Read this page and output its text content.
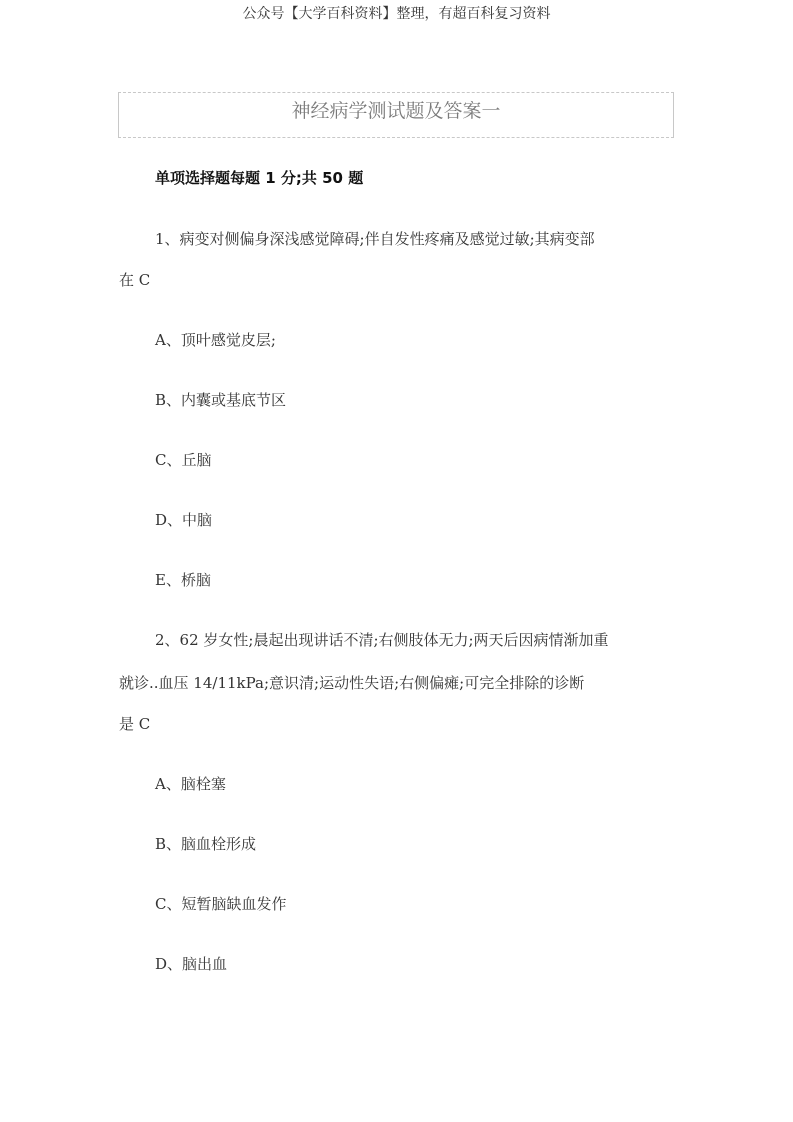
公众号【大学百科资料】整理，有超百科复习资料
神经病学测试题及答案一
单项选择题每题 1 分;共 50 题
1、病变对侧偏身深浅感觉障碍;伴自发性疼痛及感觉过敏;其病变部
在 C
A、顶叶感觉皮层;
B、内囊或基底节区
C、丘脑
D、中脑
E、桥脑
2、62 岁女性;晨起出现讲话不清;右侧肢体无力;两天后因病情渐加重
就诊..血压 14/11kPa;意识清;运动性失语;右侧偏瘫;可完全排除的诊断
是 C
A、脑栓塞
B、脑血栓形成
C、短暂脑缺血发作
D、脑出血
